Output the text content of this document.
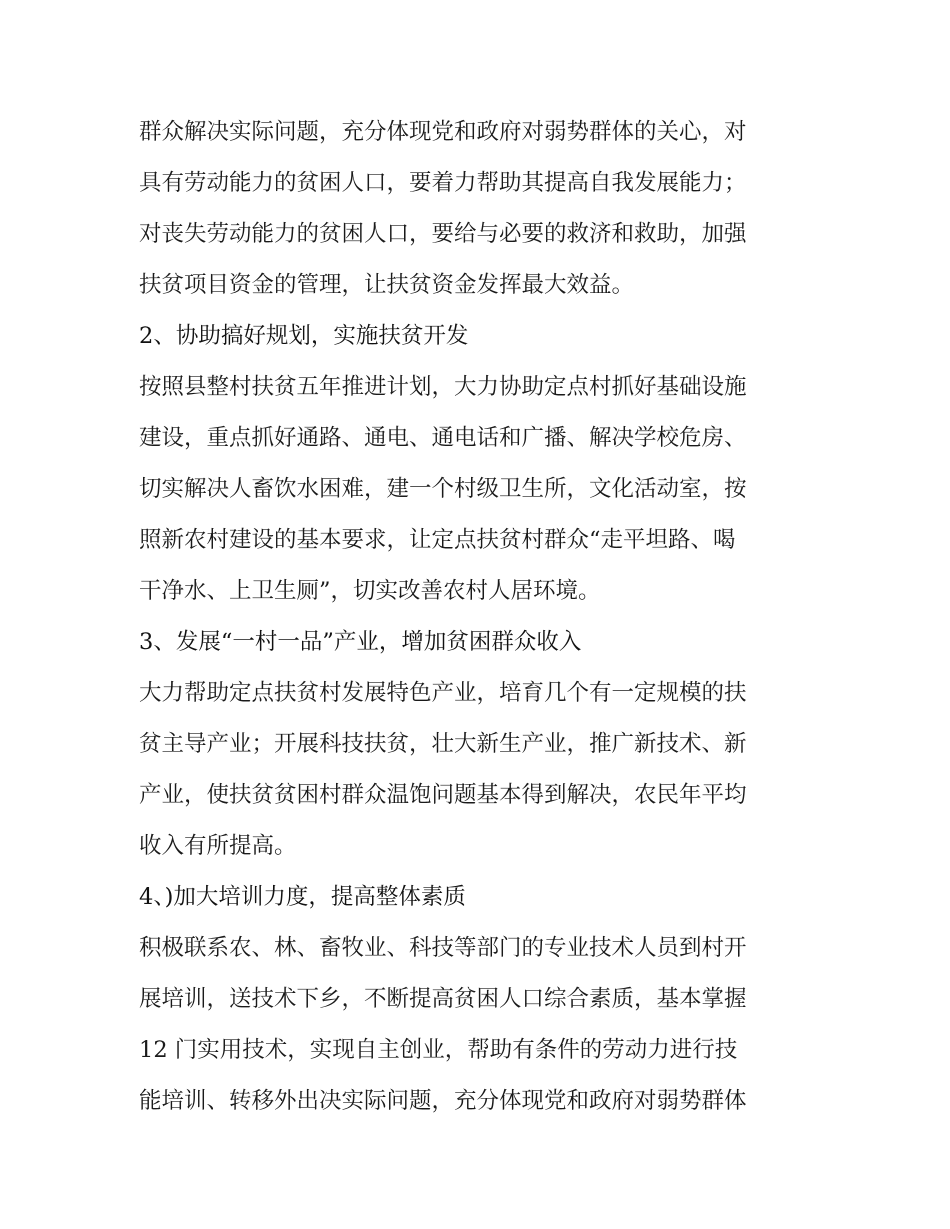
群众解决实际问题，充分体现党和政府对弱势群体的关心，对
具有劳动能力的贫困人口，要着力帮助其提高自我发展能力；
对丧失劳动能力的贫困人口，要给与必要的救济和救助，加强
扶贫项目资金的管理，让扶贫资金发挥最大效益。
2、协助搞好规划，实施扶贫开发
按照县整村扶贫五年推进计划，大力协助定点村抓好基础设施
建设，重点抓好通路、通电、通电话和广播、解决学校危房、
切实解决人畜饮水困难，建一个村级卫生所，文化活动室，按
照新农村建设的基本要求，让定点扶贫村群众“走平坦路、喝
干净水、上卫生厕”，切实改善农村人居环境。
3、发展“一村一品”产业，增加贫困群众收入
大力帮助定点扶贫村发展特色产业，培育几个有一定规模的扶
贫主导产业；开展科技扶贫，壮大新生产业，推广新技术、新
产业，使扶贫贫困村群众温饱问题基本得到解决，农民年平均
收入有所提高。
4、)加大培训力度，提高整体素质
积极联系农、林、畜牧业、科技等部门的专业技术人员到村开
展培训，送技术下乡，不断提高贫困人口综合素质，基本掌握
12 门实用技术，实现自主创业，帮助有条件的劳动力进行技
能培训、转移外出决实际问题，充分体现党和政府对弱势群体
